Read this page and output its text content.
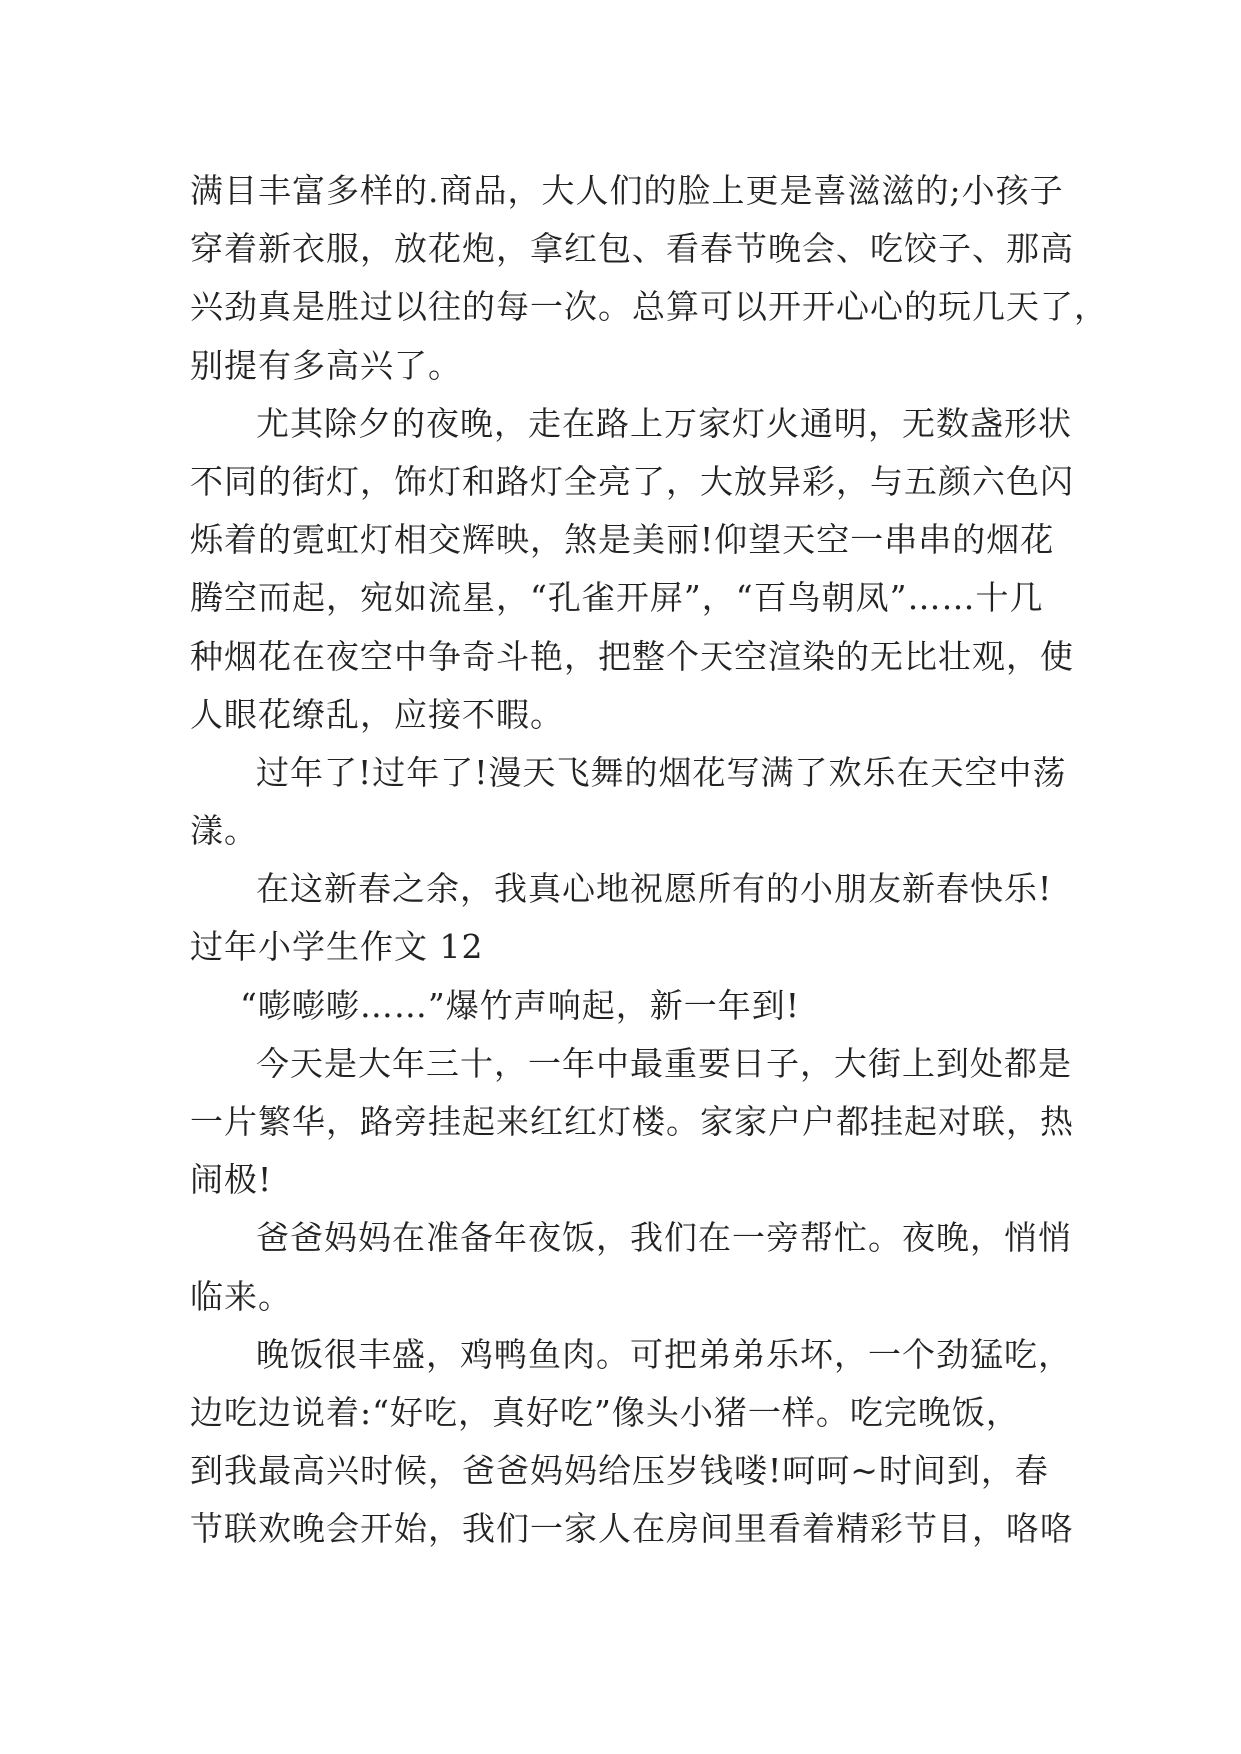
满目丰富多样的.商品，大人们的脸上更是喜滋滋的;小孩子
穿着新衣服，放花炮，拿红包、看春节晚会、吃饺子、那高
兴劲真是胜过以往的每一次。总算可以开开心心的玩几天了，
别提有多高兴了。
尤其除夕的夜晚，走在路上万家灯火通明，无数盏形状
不同的街灯，饰灯和路灯全亮了，大放异彩，与五颜六色闪
烁着的霓虹灯相交辉映，煞是美丽!仰望天空一串串的烟花
腾空而起，宛如流星，“孔雀开屏”，“百鸟朝凤”……十几
种烟花在夜空中争奇斗艳，把整个天空渲染的无比壮观，使
人眼花缭乱，应接不暇。
过年了!过年了!漫天飞舞的烟花写满了欢乐在天空中荡
漾。
在这新春之余，我真心地祝愿所有的小朋友新春快乐!
过年小学生作文 12
“嘭嘭嘭……”爆竹声响起，新一年到!
今天是大年三十，一年中最重要日子，大街上到处都是
一片繁华，路旁挂起来红红灯楼。家家户户都挂起对联，热
闹极!
爸爸妈妈在准备年夜饭，我们在一旁帮忙。夜晚，悄悄
临来。
晚饭很丰盛，鸡鸭鱼肉。可把弟弟乐坏，一个劲猛吃，
边吃边说着:“好吃，真好吃”像头小猪一样。吃完晚饭，
到我最高兴时候，爸爸妈妈给压岁钱喽!呵呵~时间到，春
节联欢晚会开始，我们一家人在房间里看着精彩节目，咯咯
